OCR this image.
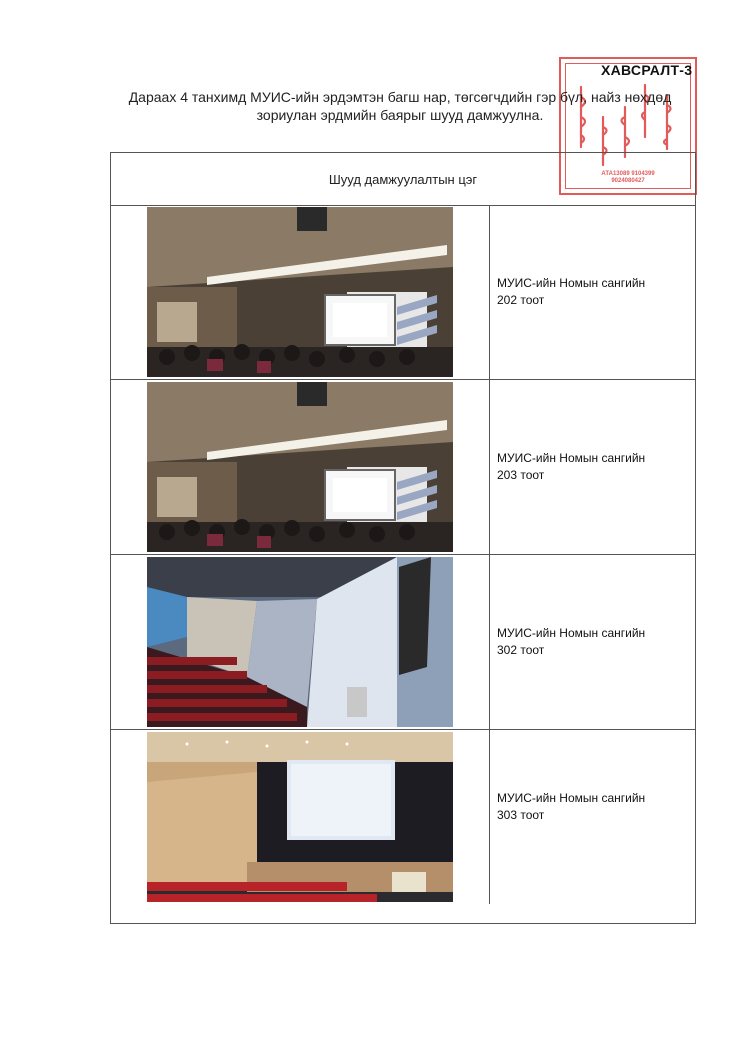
АТА13089 9104399
9024080427
ХАВСРАЛТ-3
Дараах 4 танхимд МУИС-ийн эрдэмтэн багш нар, төгсөгчдийн гэр бүл, найз нөхдөд
зориулан эрдмийн баярыг шууд дамжуулна.
Шууд дамжуулалтын цэг
МУИС-ийн Номын сангийн
202 тоот
МУИС-ийн Номын сангийн
203 тоот
МУИС-ийн Номын сангийн
302 тоот
МУИС-ийн Номын сангийн
303 тоот
